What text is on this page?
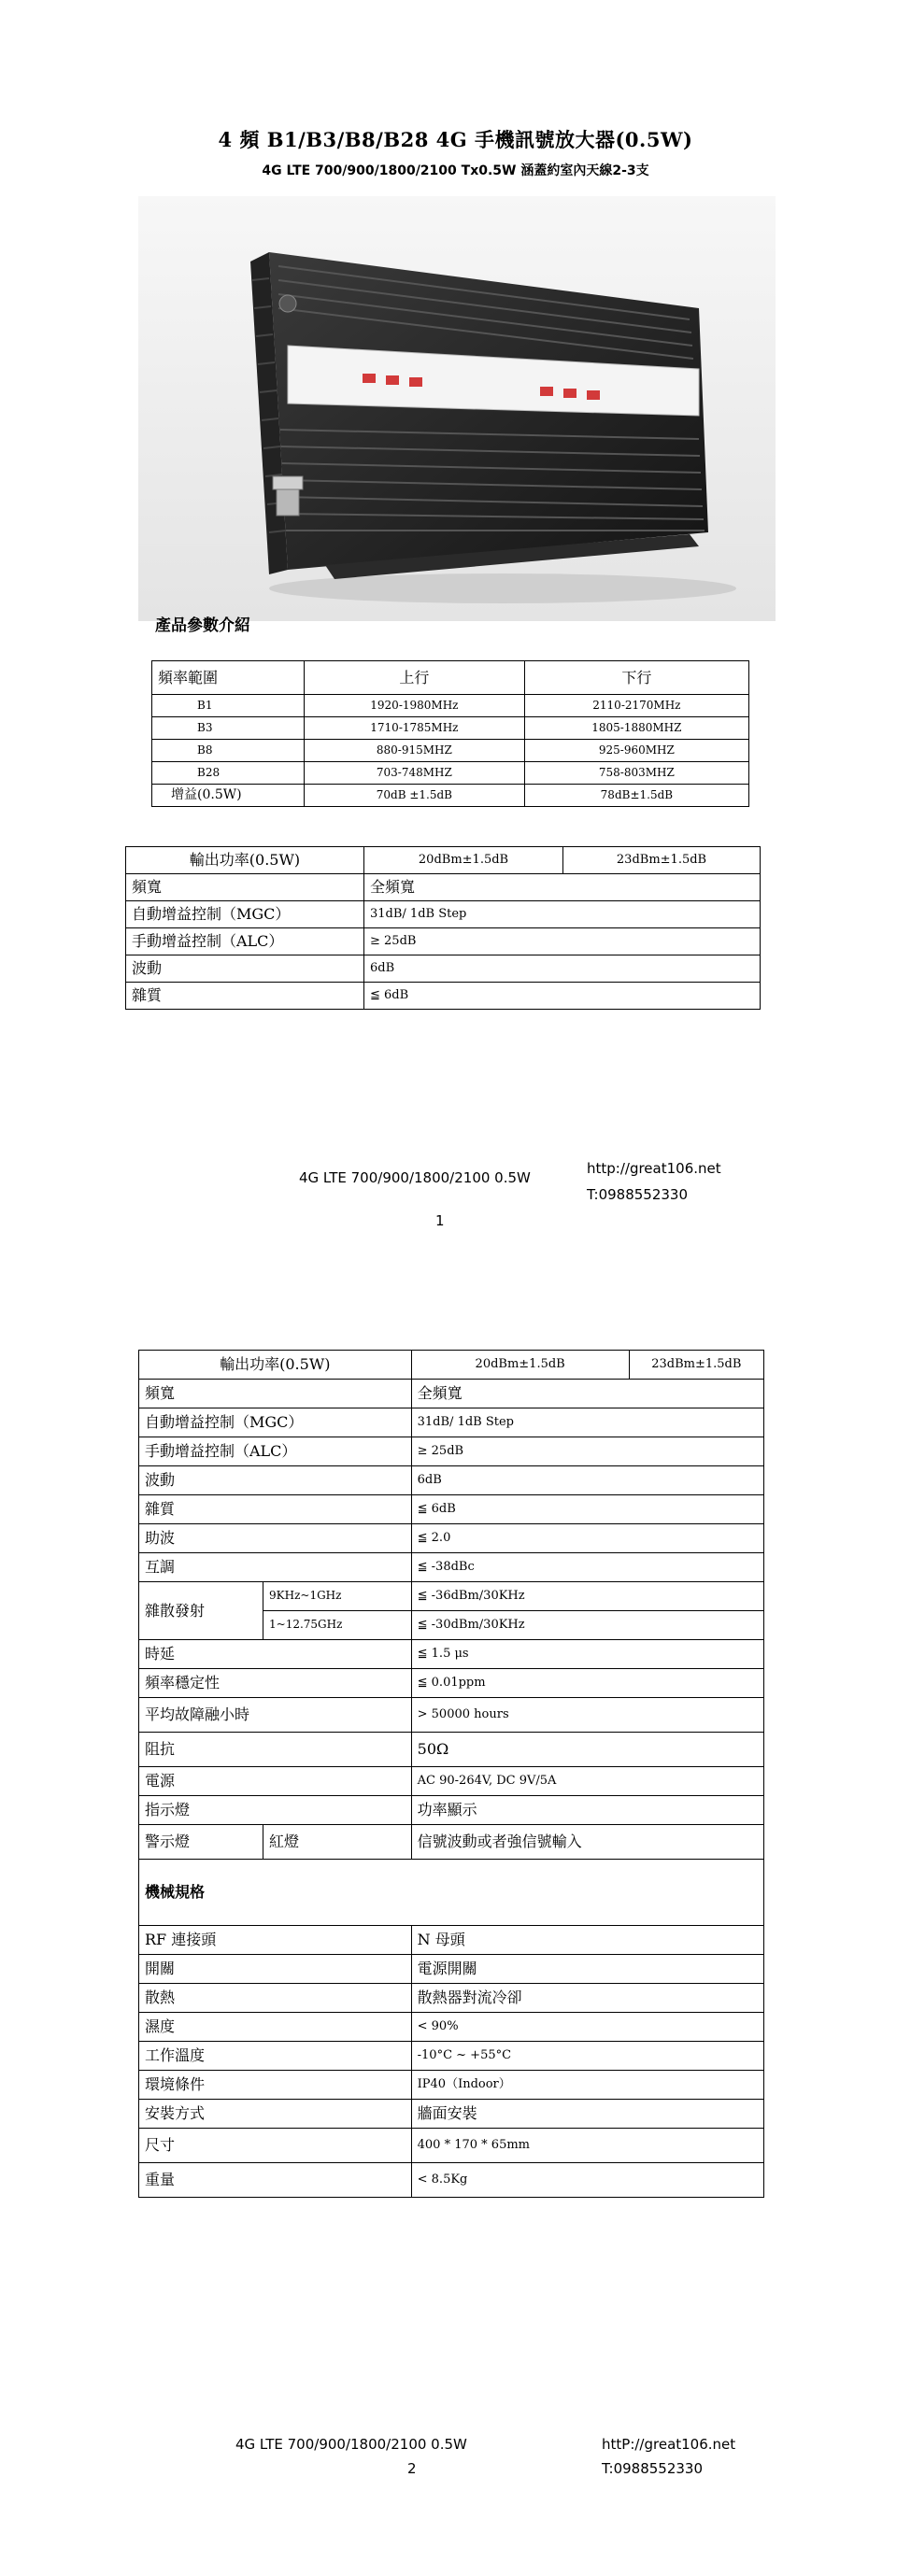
4 頻 B1/B3/B8/B28 4G 手機訊號放大器(0.5W)
4G LTE 700/900/1800/2100 Tx0.5W 涵蓋約室內天線2-3支
產品參數介紹
頻率範圍	上行	下行
B1	1920-1980MHz	2110-2170MHz
B3	1710-1785MHz	1805-1880MHZ
B8	880-915MHZ	925-960MHZ
B28	703-748MHZ	758-803MHZ
增益(0.5W)	70dB ±1.5dB	78dB±1.5dB
輸出功率(0.5W)	20dBm±1.5dB	23dBm±1.5dB
頻寬	全頻寬	
自動增益控制（MGC）	31dB/ 1dB Step	
手動增益控制（ALC）	≥ 25dB	
波動	6dB	
雜質	≦ 6dB	
4G LTE 700/900/1800/2100 0.5W
http://great106.net
T:0988552330
1
輸出功率(0.5W)		20dBm±1.5dB	23dBm±1.5dB
頻寬		全頻寬	
自動增益控制（MGC）		31dB/ 1dB Step	
手動增益控制（ALC）		≥ 25dB	
波動		6dB	
雜質		≦ 6dB	
助波		≦ 2.0	
互調		≦ -38dBc	
雜散發射	9KHz~1GHz	≦ -36dBm/30KHz	
	1~12.75GHz	≦ -30dBm/30KHz	
時延		≦ 1.5 μs	
頻率穩定性		≦ 0.01ppm	
平均故障融小時		> 50000 hours	
阻抗		50Ω	
電源		AC 90-264V, DC 9V/5A	
指示燈		功率顯示	
警示燈	紅燈	信號波動或者強信號輸入	
機械規格			
RF 連接頭		N 母頭	
開關		電源開關	
散熱		散熱器對流冷卻	
濕度		< 90%	
工作溫度		-10°C ~ +55°C	
環境條件		IP40（Indoor）	
安裝方式		牆面安裝	
尺寸		400 * 170 * 65mm	
重量		< 8.5Kg	
4G LTE 700/900/1800/2100 0.5W	httP://great106.net
T:0988552330
2
